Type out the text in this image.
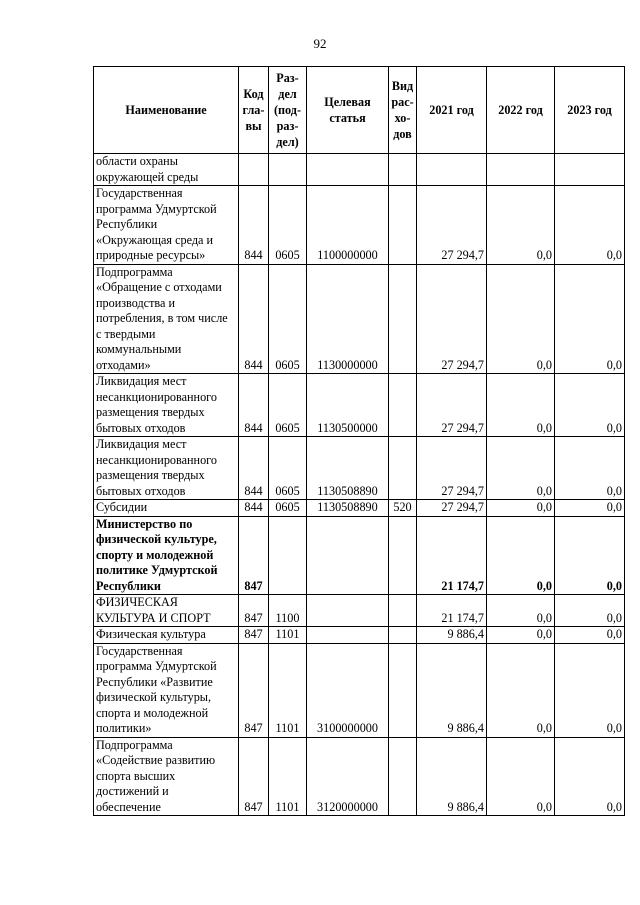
92
Наименование	Код гла-вы	Раз-дел (под-раз-дел)	Целевая статья	Вид рас-хо-дов	2021 год	2022 год	2023 год
области охраны окружающей среды							
Государственная программа Удмуртской Республики «Окружающая среда и природные ресурсы»	844	0605	1100000000		27 294,7	0,0	0,0
Подпрограмма «Обращение с отходами производства и потребления, в том числе с твердыми коммунальными отходами»	844	0605	1130000000		27 294,7	0,0	0,0
Ликвидация мест несанкционированного размещения твердых бытовых отходов	844	0605	1130500000		27 294,7	0,0	0,0
Ликвидация мест несанкционированного размещения твердых бытовых отходов	844	0605	1130508890		27 294,7	0,0	0,0
Субсидии	844	0605	1130508890	520	27 294,7	0,0	0,0
Министерство по физической культуре, спорту и молодежной политике Удмуртской Республики	847				21 174,7	0,0	0,0
ФИЗИЧЕСКАЯ КУЛЬТУРА И СПОРТ	847	1100			21 174,7	0,0	0,0
Физическая культура	847	1101			9 886,4	0,0	0,0
Государственная программа Удмуртской Республики «Развитие физической культуры, спорта и молодежной политики»	847	1101	3100000000		9 886,4	0,0	0,0
Подпрограмма «Содействие развитию спорта высших достижений и обеспечение	847	1101	3120000000		9 886,4	0,0	0,0
